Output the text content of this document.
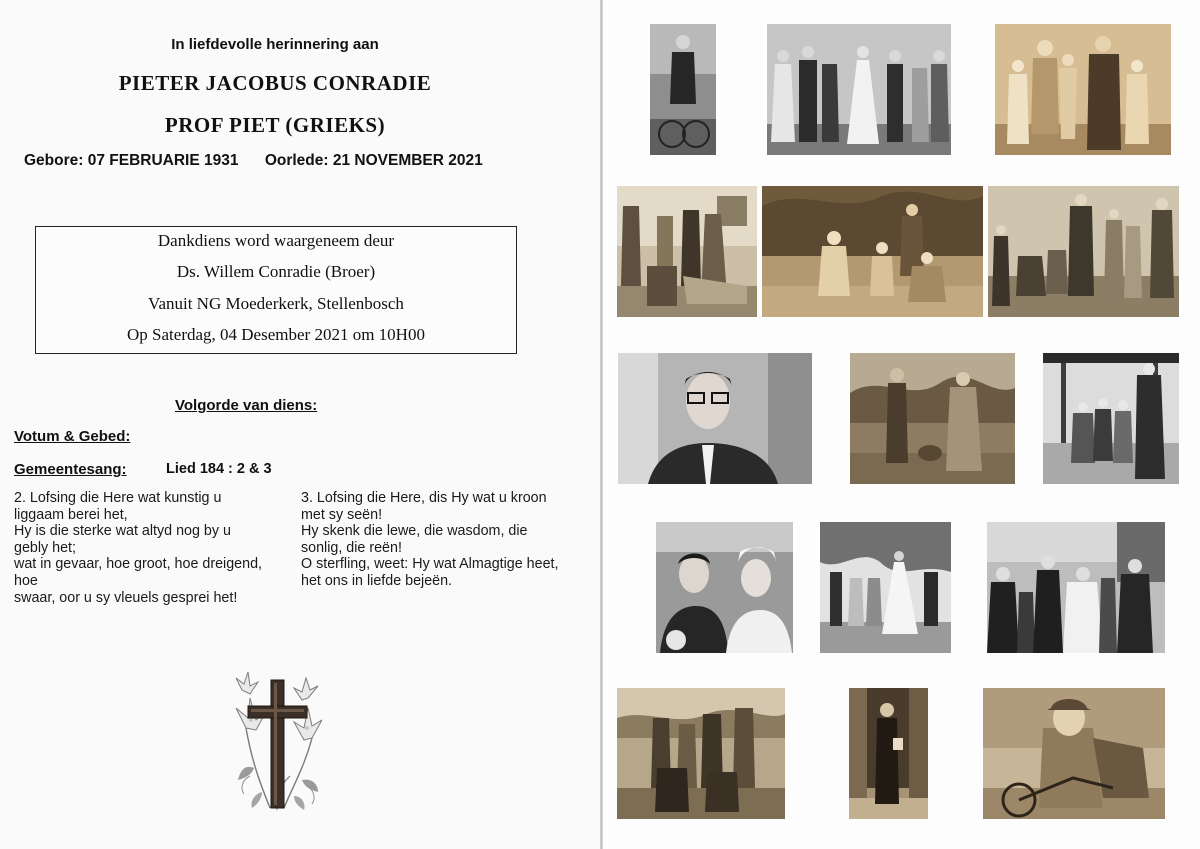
In liefdevolle herinnering aan
PIETER JACOBUS CONRADIE
PROF PIET (GRIEKS)
Gebore: 07 FEBRUARIE 1931 Oorlede: 21 NOVEMBER 2021
Dankdiens word waargeneem deur
Ds. Willem Conradie (Broer)
Vanuit NG Moederkerk, Stellenbosch
Op Saterdag, 04 Desember 2021 om 10H00
Volgorde van diens:
Votum & Gebed:
Gemeentesang:	Lied 184 : 2 & 3
2. Lofsing die Here wat kunstig u
liggaam berei het,
Hy is die sterke wat altyd nog by u
gebly het;
wat in gevaar, hoe groot, hoe dreigend,
hoe
swaar, oor u sy vleuels gesprei het!
3. Lofsing die Here, dis Hy wat u kroon
met sy seën!
Hy skenk die lewe, die wasdom, die
sonlig, die reën!
O sterfling, weet: Hy wat Almagtige heet,
het ons in liefde bejeën.
